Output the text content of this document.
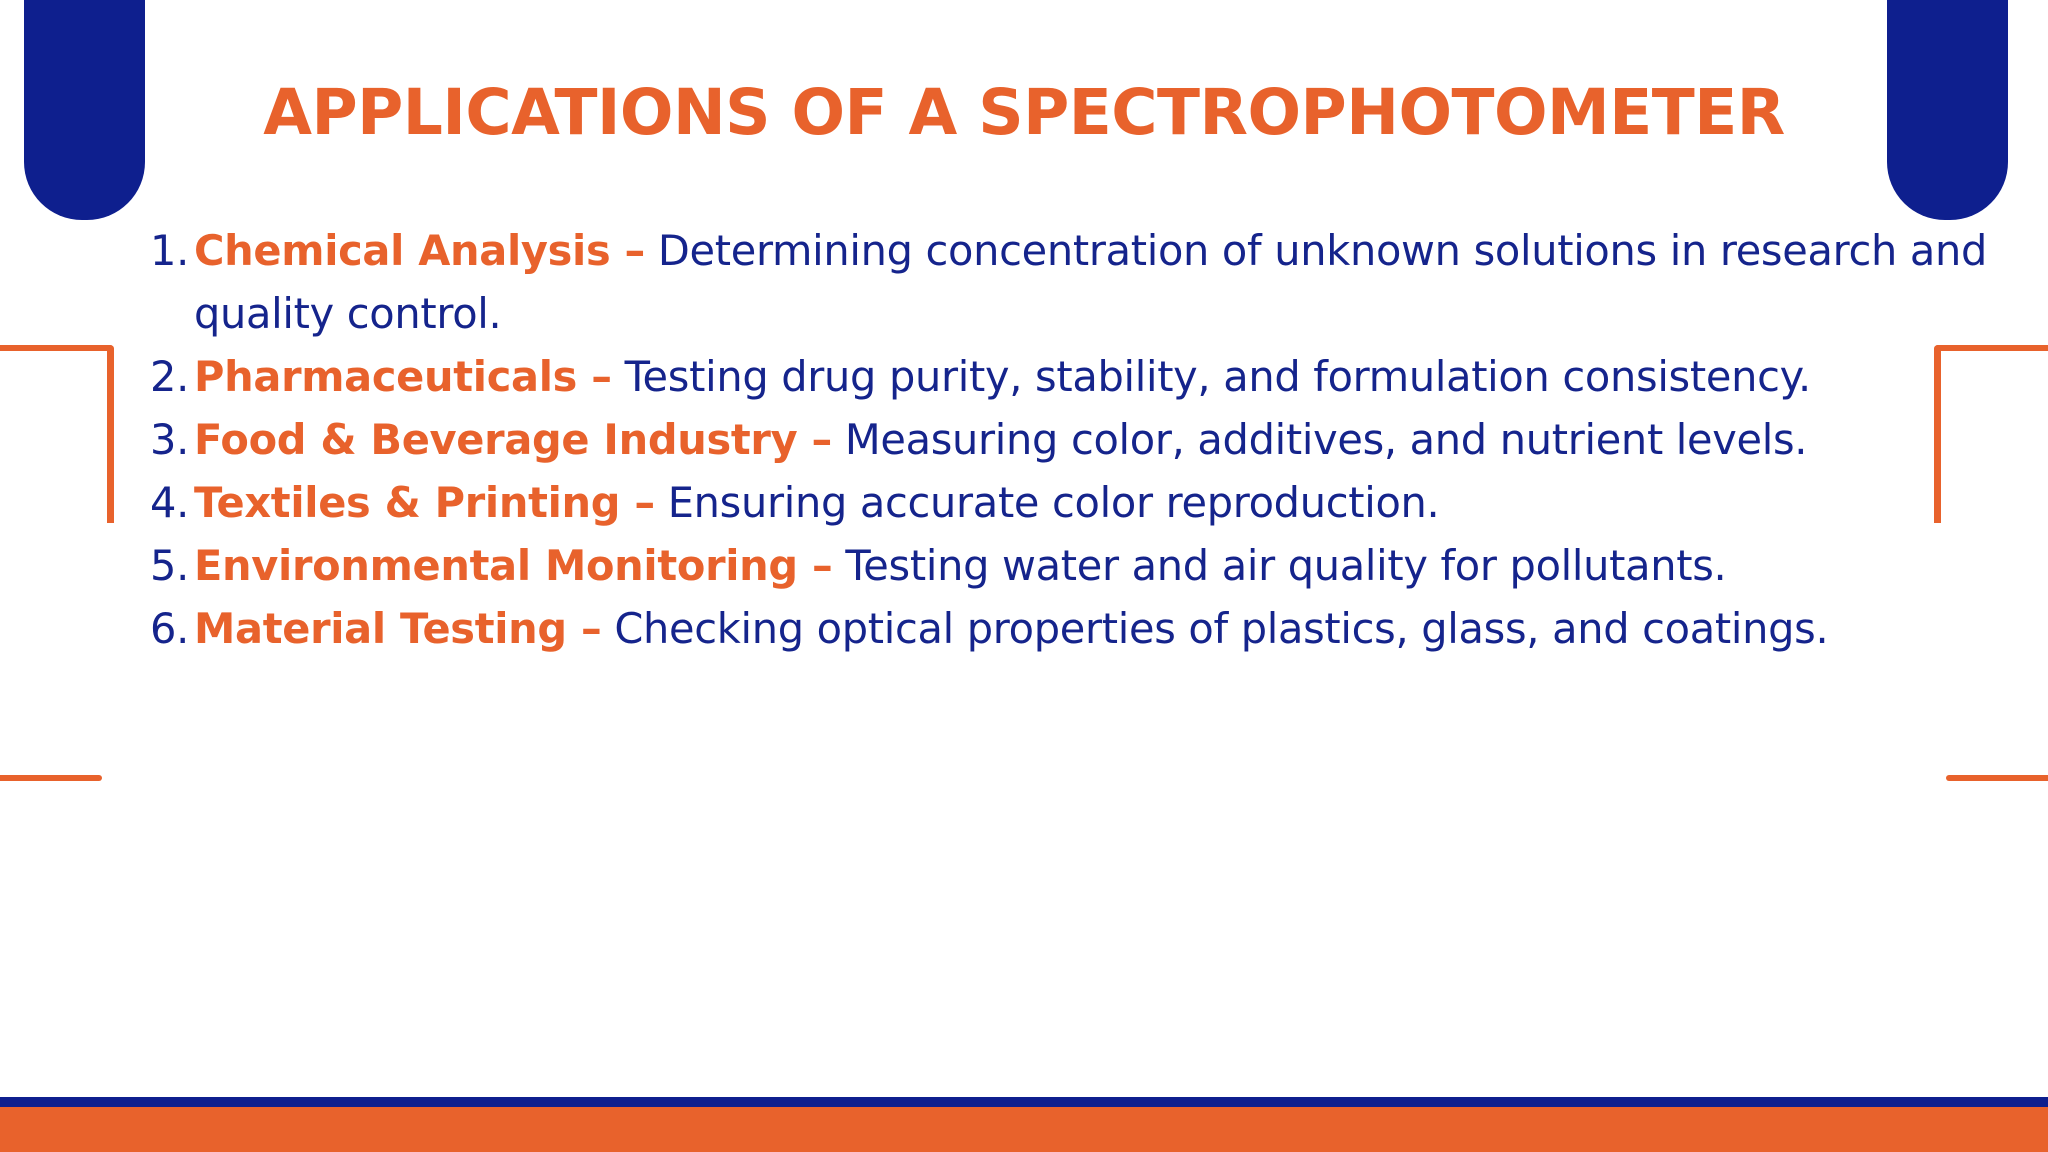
APPLICATIONS OF A SPECTROPHOTOMETER
1. Chemical Analysis – Determining concentration of unknown solutions in research and quality control.
2. Pharmaceuticals – Testing drug purity, stability, and formulation consistency.
3. Food & Beverage Industry – Measuring color, additives, and nutrient levels.
4. Textiles & Printing – Ensuring accurate color reproduction.
5. Environmental Monitoring – Testing water and air quality for pollutants.
6. Material Testing – Checking optical properties of plastics, glass, and coatings.
